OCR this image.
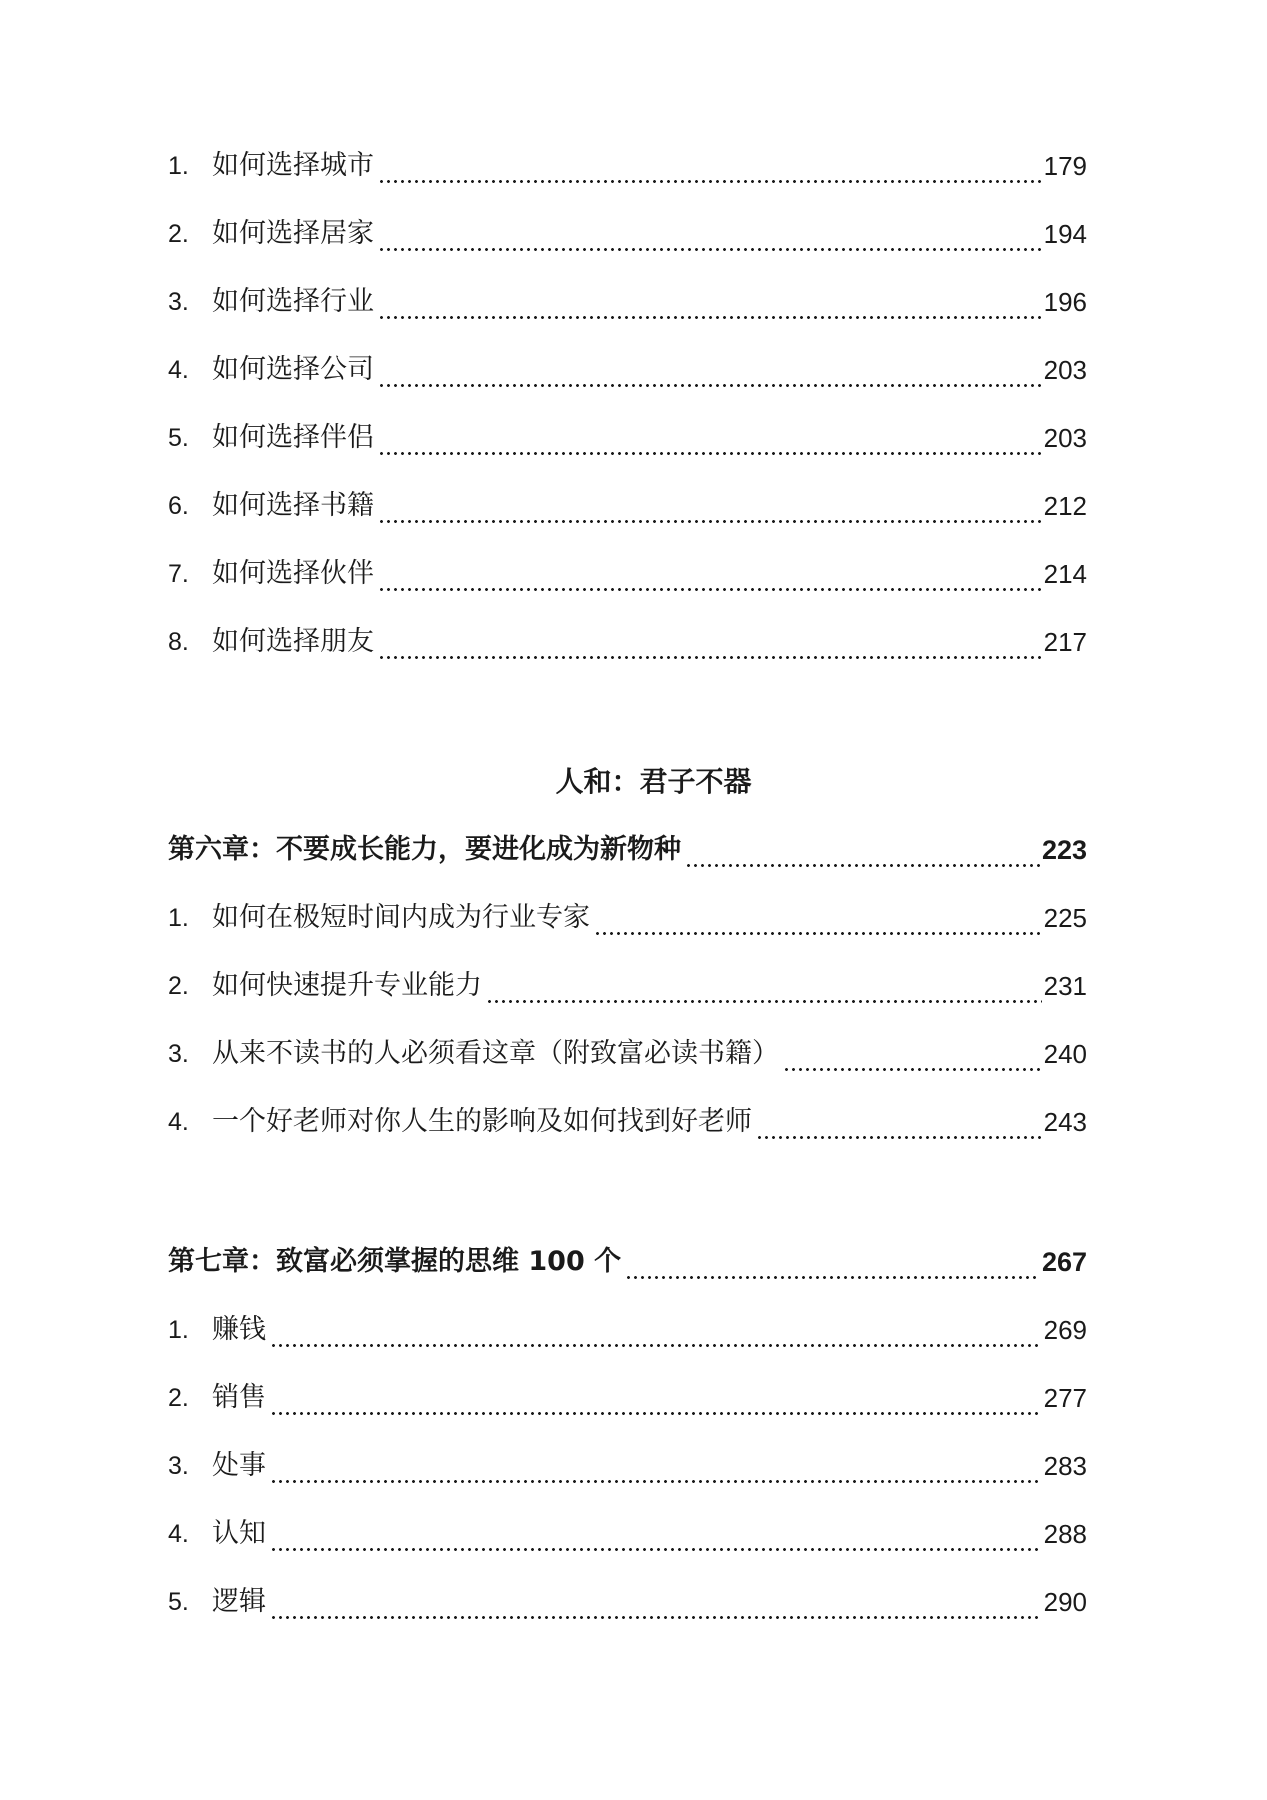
1. 如何选择城市	179
2. 如何选择居家	194
3. 如何选择行业	196
4. 如何选择公司	203
5. 如何选择伴侣	203
6. 如何选择书籍	212
7. 如何选择伙伴	214
8. 如何选择朋友	217
人和：君子不器
第六章：不要成长能力，要进化成为新物种	223
1. 如何在极短时间内成为行业专家	225
2. 如何快速提升专业能力	231
3. 从来不读书的人必须看这章（附致富必读书籍）	240
4. 一个好老师对你人生的影响及如何找到好老师	243
第七章：致富必须掌握的思维 100 个	267
1. 赚钱	269
2. 销售	277
3. 处事	283
4. 认知	288
5. 逻辑	290
